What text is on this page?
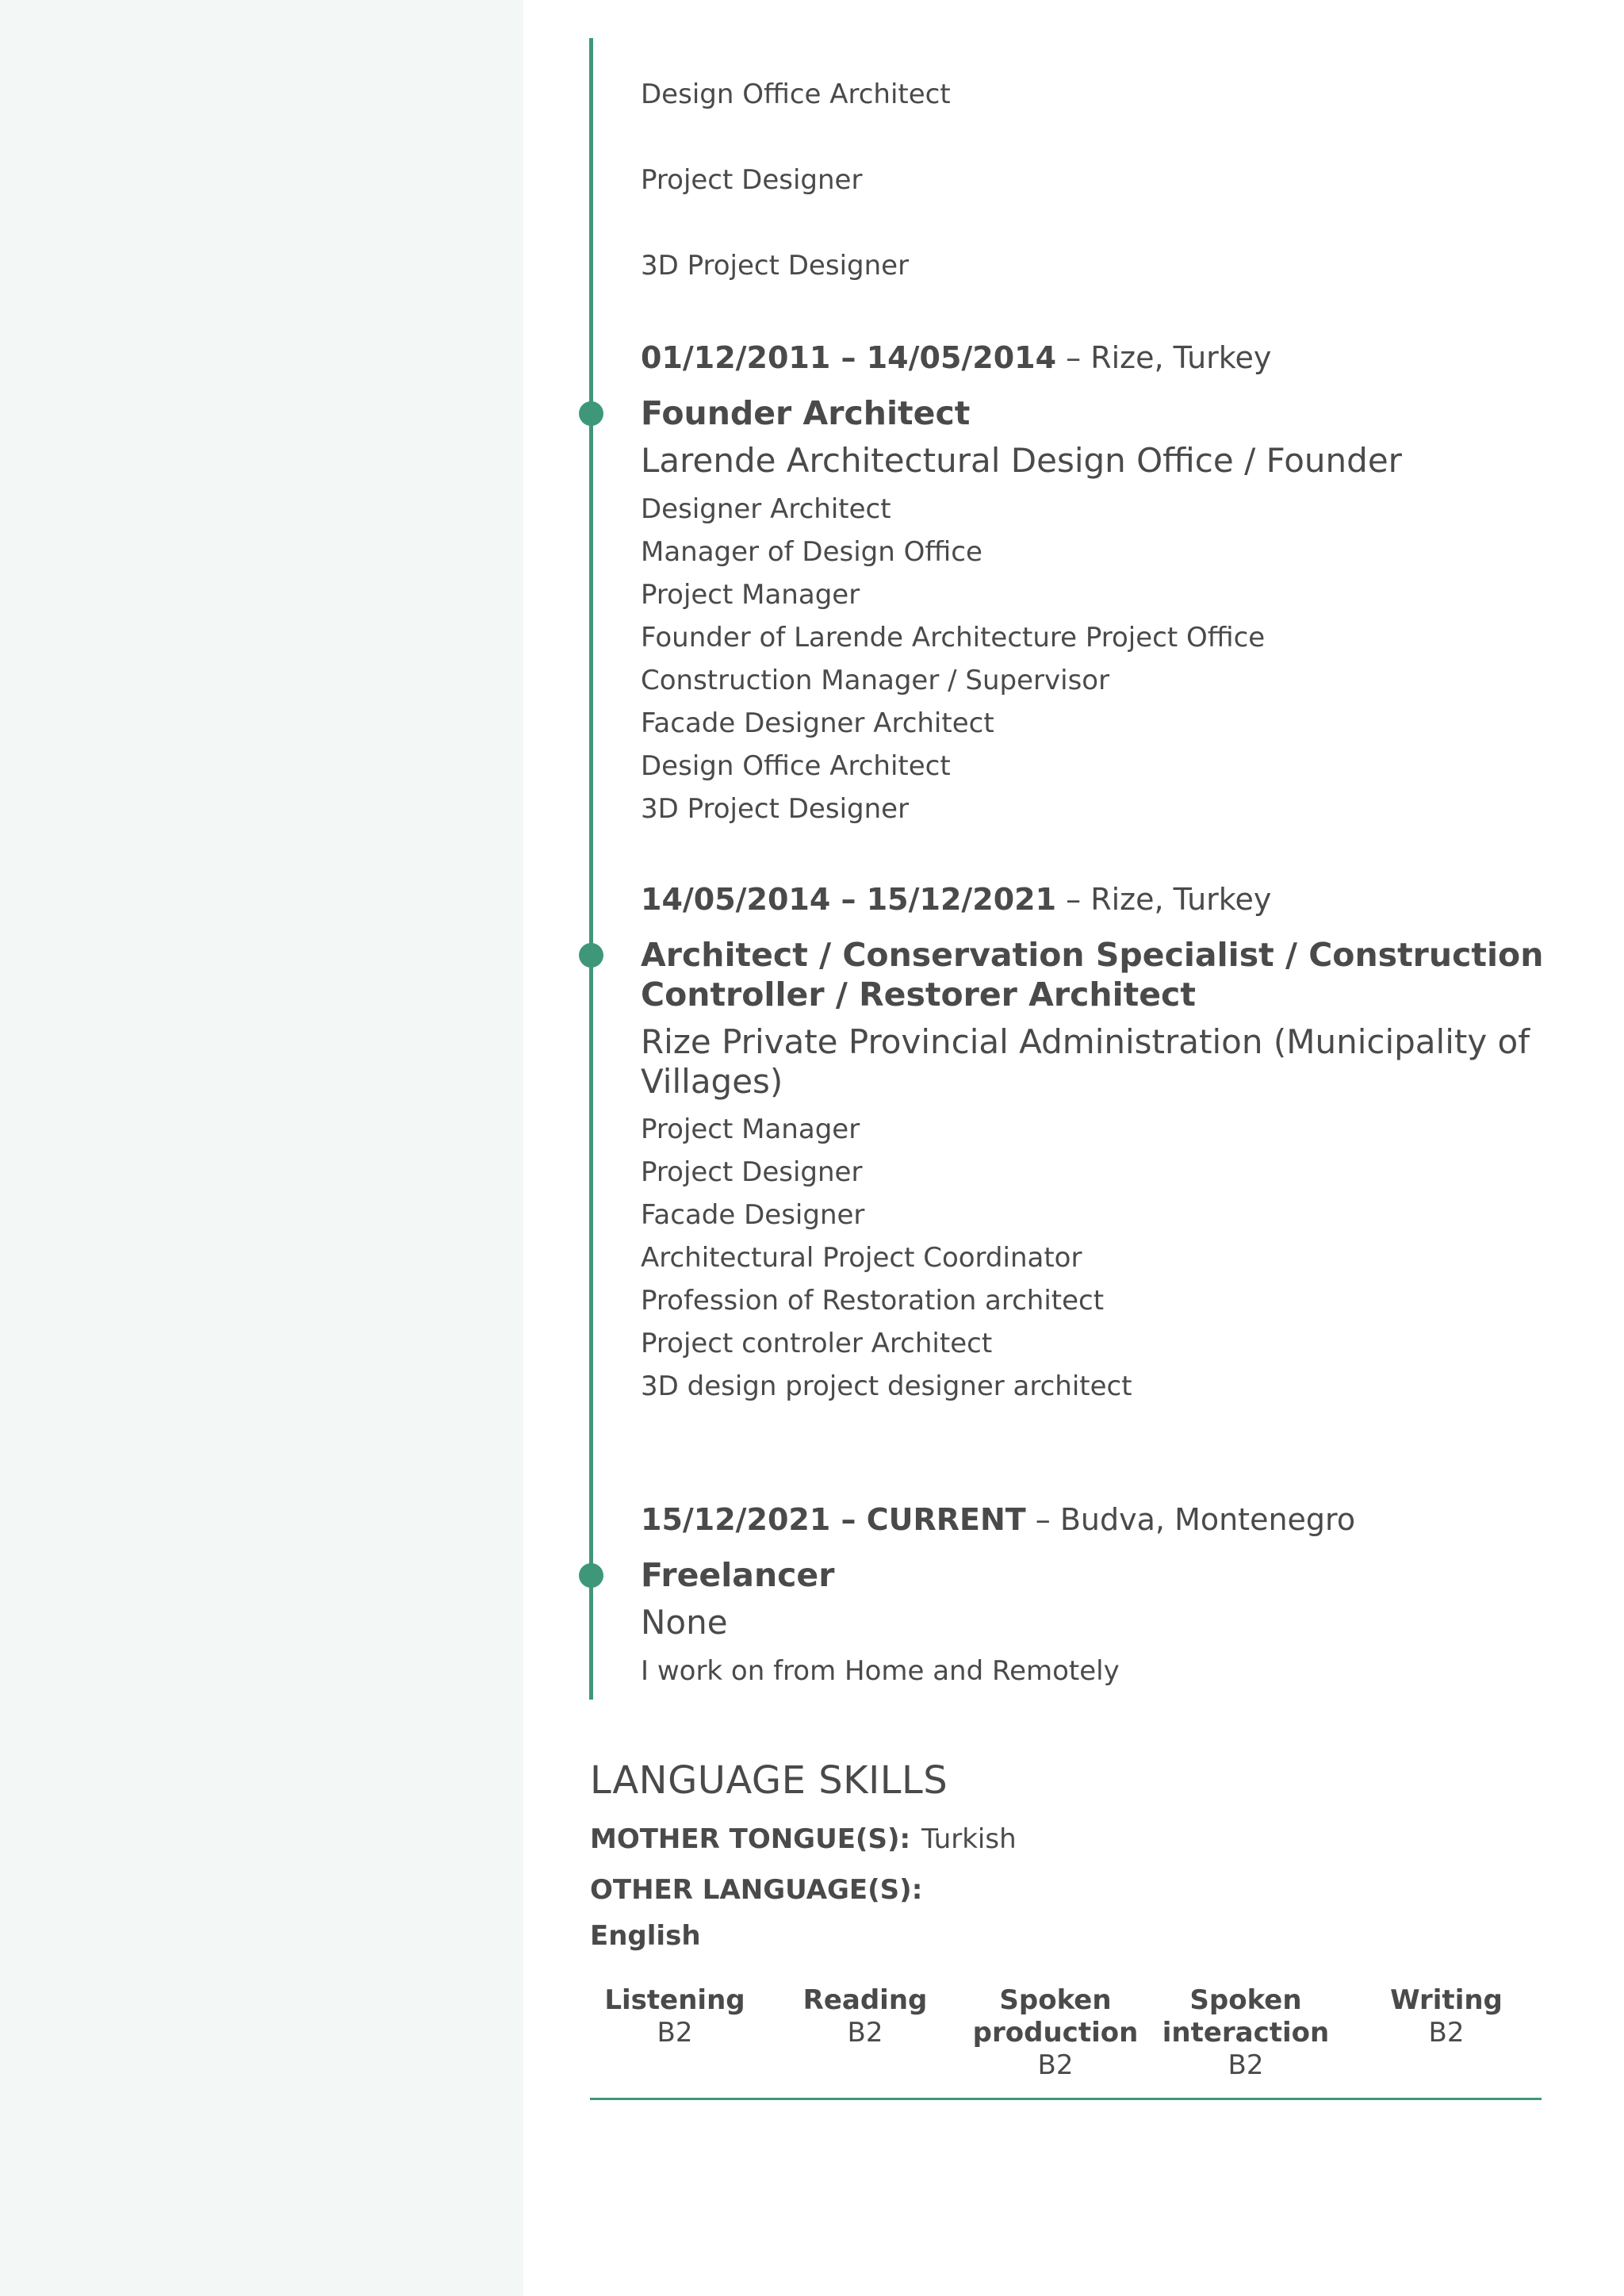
Design Office Architect
Project Designer
3D Project Designer
01/12/2011 – 14/05/2014 – Rize, Turkey
Founder Architect
Larende Architectural Design Office / Founder
Designer Architect
Manager of Design Office
Project Manager
Founder of Larende Architecture Project Office
Construction Manager / Supervisor
Facade Designer Architect
Design Office Architect
3D Project Designer
14/05/2014 – 15/12/2021 – Rize, Turkey
Architect / Conservation Specialist / Construction
Controller / Restorer Architect
Rize Private Provincial Administration (Municipality of
Villages)
Project Manager
Project Designer
Facade Designer
Architectural Project Coordinator
Profession of Restoration architect
Project controler Architect
3D design project designer architect
15/12/2021 – CURRENT – Budva, Montenegro
Freelancer
None
I work on from Home and Remotely
LANGUAGE SKILLS
MOTHER TONGUE(S): Turkish
OTHER LANGUAGE(S):
English
Listening
B2
Reading
B2
Spoken
production
B2
Spoken
interaction
B2
Writing
B2
